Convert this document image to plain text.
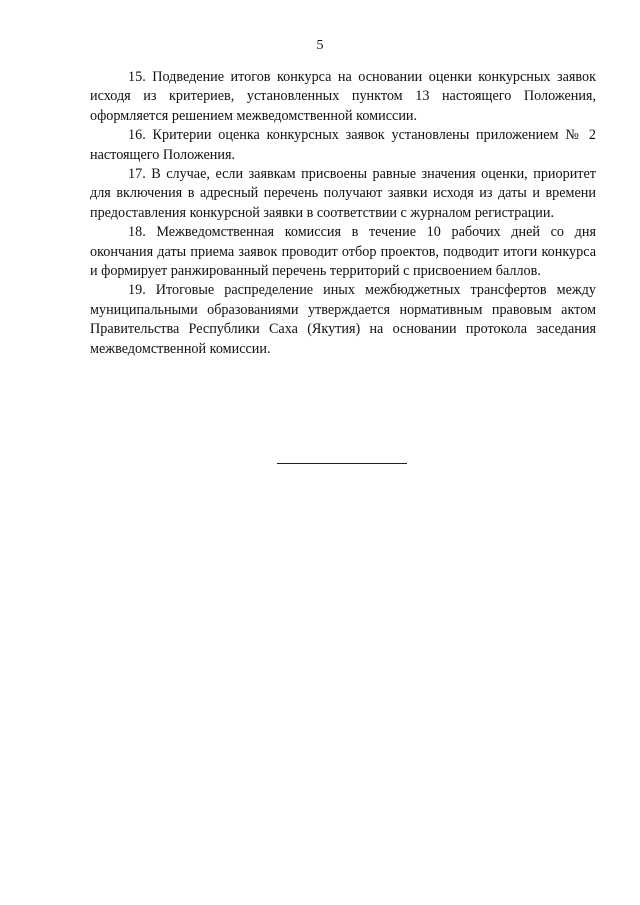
5

15. Подведение итогов конкурса на основании оценки конкурсных заявок исходя из критериев, установленных пунктом 13 настоящего Положения, оформляется решением межведомственной комиссии.

16. Критерии оценка конкурсных заявок установлены приложением № 2 настоящего Положения.

17. В случае, если заявкам присвоены равные значения оценки, приоритет для включения в адресный перечень получают заявки исходя из даты и времени предоставления конкурсной заявки в соответствии с журналом регистрации.

18. Межведомственная комиссия в течение 10 рабочих дней со дня окончания даты приема заявок проводит отбор проектов, подводит итоги конкурса и формирует ранжированный перечень территорий с присвоением баллов.

19. Итоговые распределение иных межбюджетных трансфертов между муниципальными образованиями утверждается нормативным правовым актом Правительства Республики Саха (Якутия) на основании протокола заседания межведомственной комиссии.
